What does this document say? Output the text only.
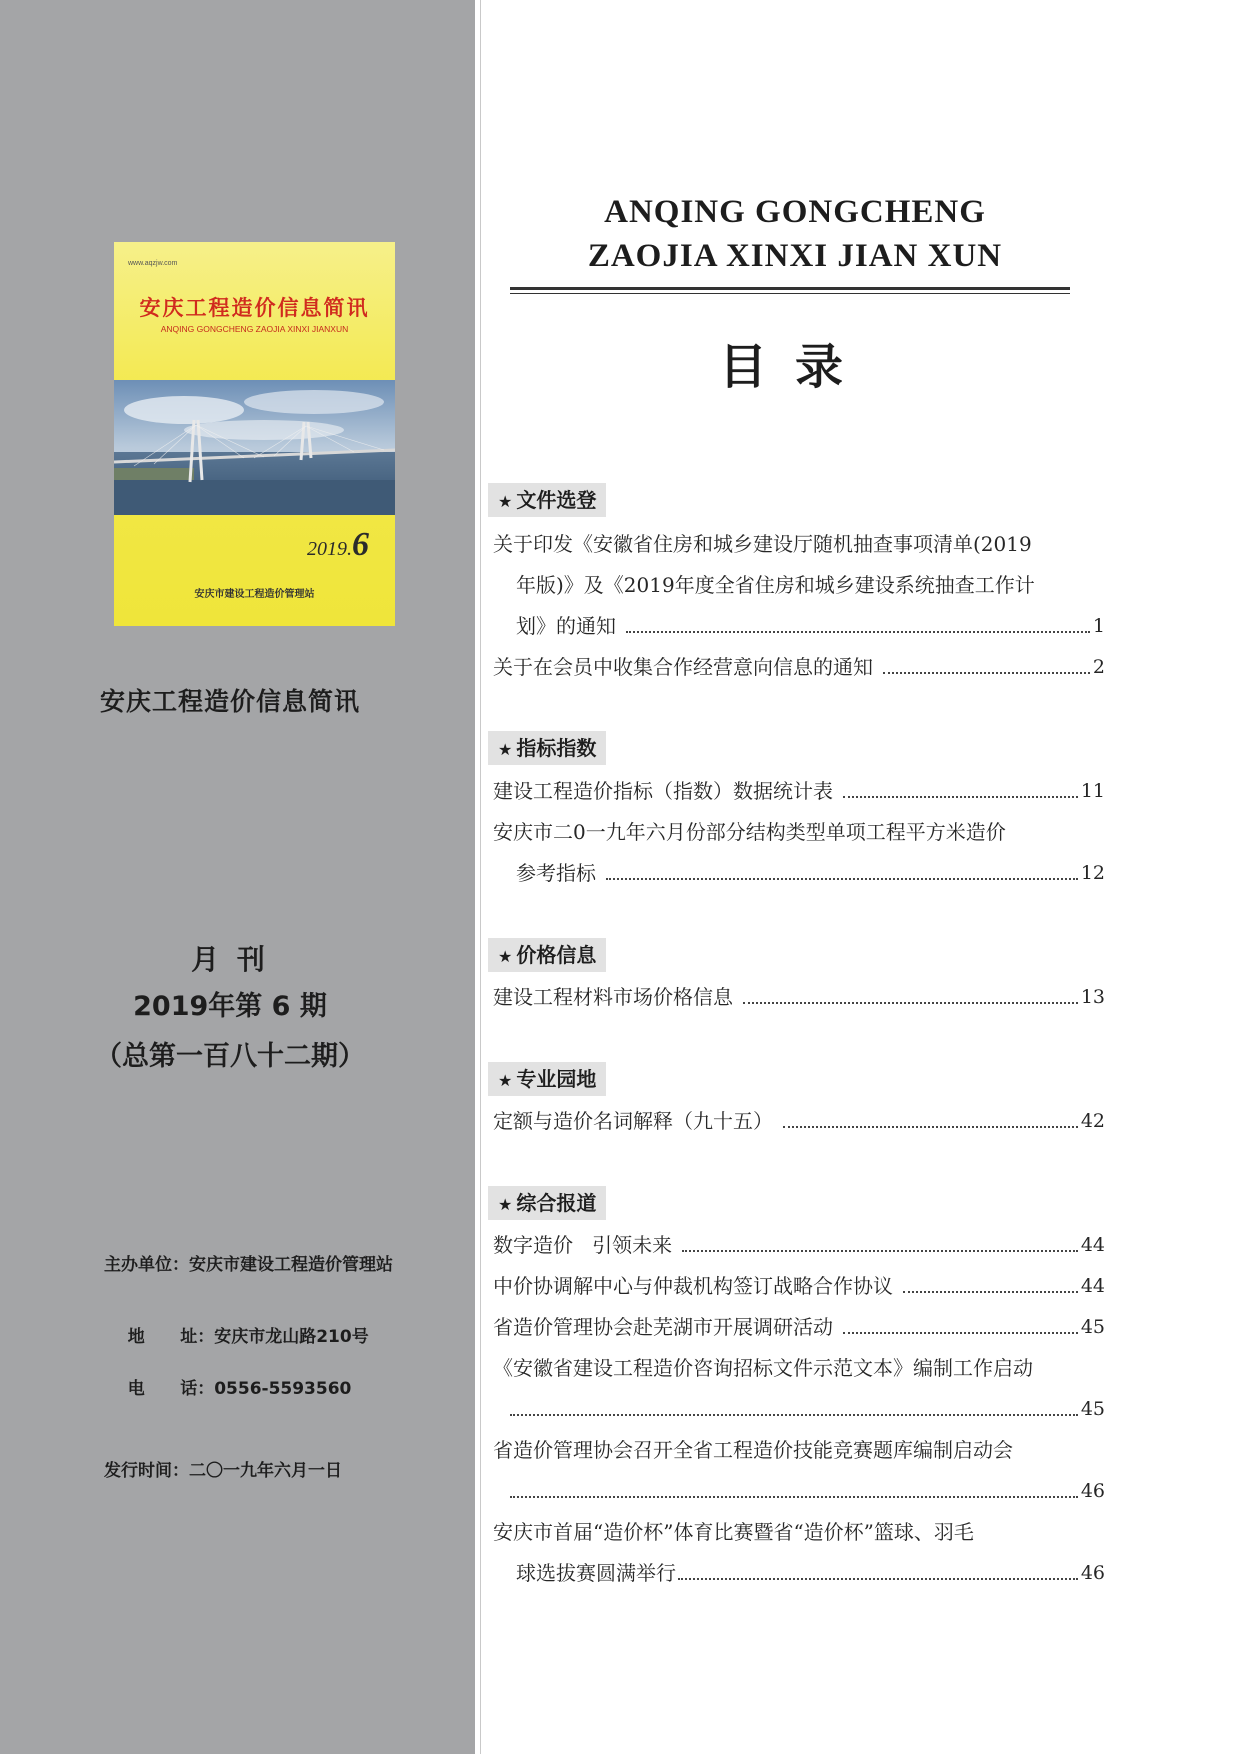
www.aqzjw.com
安庆工程造价信息简讯
ANQING GONGCHENG ZAOJIA XINXI JIANXUN
2019.6
安庆市建设工程造价管理站
安庆工程造价信息简讯
月 刊
2019年第 6 期
（总第一百八十二期）
主办单位：安庆市建设工程造价管理站

地      址：安庆市龙山路210号

电      话：0556-5593560

发行时间：二〇一九年六月一日
ANQING GONGCHENG
ZAOJIA XINXI JIAN XUN
目录
★ 文件选登
关于印发《安徽省住房和城乡建设厅随机抽查事项清单(2019
年版)》及《2019年度全省住房和城乡建设系统抽查工作计
划》的通知	1
关于在会员中收集合作经营意向信息的通知	2
★ 指标指数
建设工程造价指标（指数）数据统计表	11
安庆市二0一九年六月份部分结构类型单项工程平方米造价
参考指标	12
★ 价格信息
建设工程材料市场价格信息	13
★ 专业园地
定额与造价名词解释（九十五）	42
★ 综合报道
数字造价   引领未来	44
中价协调解中心与仲裁机构签订战略合作协议	44
省造价管理协会赴芜湖市开展调研活动	45
《安徽省建设工程造价咨询招标文件示范文本》编制工作启动
45
省造价管理协会召开全省工程造价技能竞赛题库编制启动会
46
安庆市首届“造价杯”体育比赛暨省“造价杯”篮球、羽毛
球选拔赛圆满举行	46
